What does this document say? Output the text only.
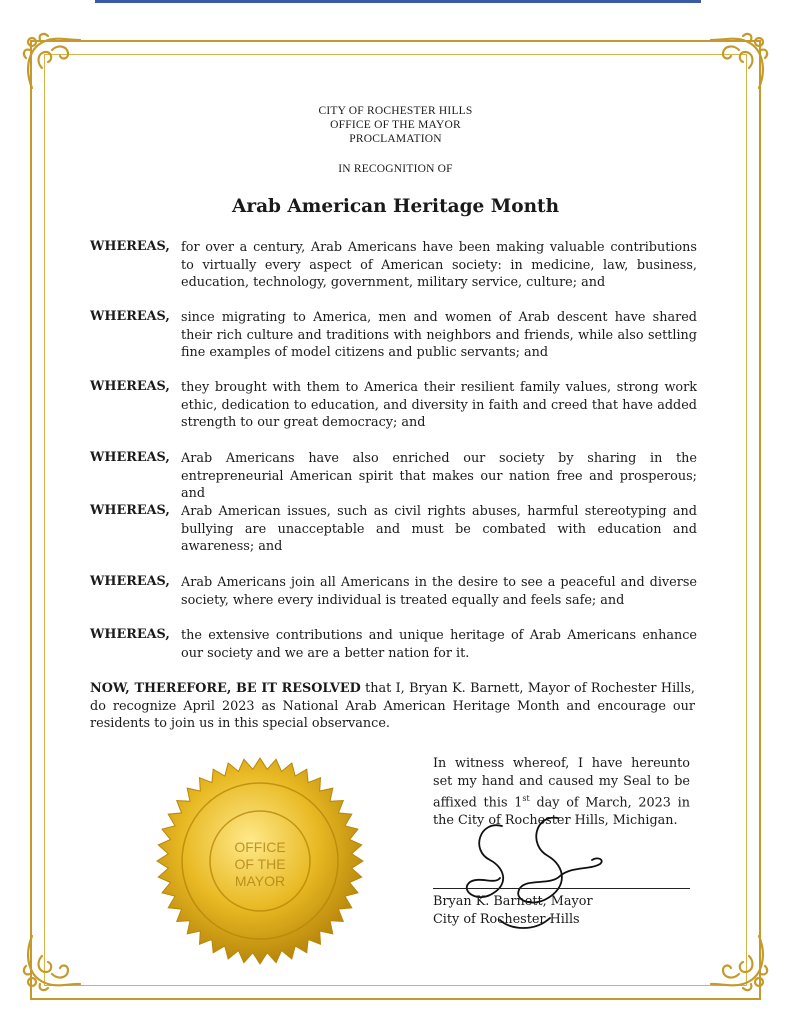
CITY OF ROCHESTER HILLS
OFFICE OF THE MAYOR
PROCLAMATION
IN RECOGNITION OF
Arab American Heritage Month
WHEREAS, for over a century, Arab Americans have been making valuable contributions to virtually every aspect of American society: in medicine, law, business, education, technology, government, military service, culture; and
WHEREAS, since migrating to America, men and women of Arab descent have shared their rich culture and traditions with neighbors and friends, while also settling fine examples of model citizens and public servants; and
WHEREAS, they brought with them to America their resilient family values, strong work ethic, dedication to education, and diversity in faith and creed that have added strength to our great democracy; and
WHEREAS, Arab Americans have also enriched our society by sharing in the entrepreneurial American spirit that makes our nation free and prosperous; and
WHEREAS, Arab American issues, such as civil rights abuses, harmful stereotyping and bullying are unacceptable and must be combated with education and awareness; and
WHEREAS, Arab Americans join all Americans in the desire to see a peaceful and diverse society, where every individual is treated equally and feels safe; and
WHEREAS, the extensive contributions and unique heritage of Arab Americans enhance our society and we are a better nation for it.
NOW, THEREFORE, BE IT RESOLVED that I, Bryan K. Barnett, Mayor of Rochester Hills, do recognize April 2023 as National Arab American Heritage Month and encourage our residents to join us in this special observance.
In witness whereof, I have hereunto set my hand and caused my Seal to be affixed this 1st day of March, 2023 in the City of Rochester Hills, Michigan.
Bryan K. Barnett, Mayor
City of Rochester Hills
OFFICE
OF THE
MAYOR
